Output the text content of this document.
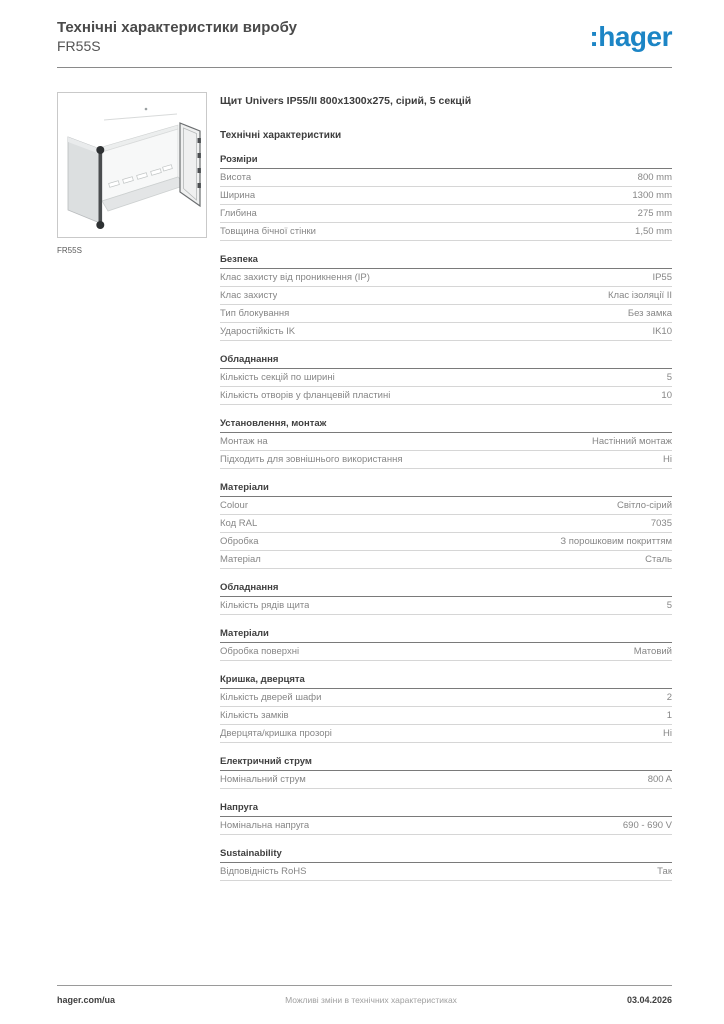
Технічні характеристики виробу
FR55S	:hager
FR55S
Щит Univers IP55/II 800x1300x275, сірий, 5 секцій
Технічні характеристики
Розміри
Висота	800 mm
Ширина	1300 mm
Глибина	275 mm
Товщина бічної стінки	1,50 mm
Безпека
Клас захисту від проникнення (IP)	IP55
Клас захисту	Клас ізоляції II
Тип блокування	Без замка
Ударостійкість IK	IK10
Обладнання
Кількість секцій по ширині	5
Кількість отворів у фланцевій пластині	10
Установлення, монтаж
Монтаж на	Настінний монтаж
Підходить для зовнішнього використання	Ні
Матеріали
Colour	Світло-сірий
Код RAL	7035
Обробка	З порошковим покриттям
Матеріал	Сталь
Обладнання
Кількість рядів щита	5
Матеріали
Обробка поверхні	Матовий
Кришка, дверцята
Кількість дверей шафи	2
Кількість замків	1
Дверцята/кришка прозорі	Ні
Електричний струм
Номінальний струм	800 A
Напруга
Номінальна напруга	690 - 690 V
Sustainability
Відповідність RoHS	Так
hager.com/ua	Можливі зміни в технічних характеристиках	03.04.2026
